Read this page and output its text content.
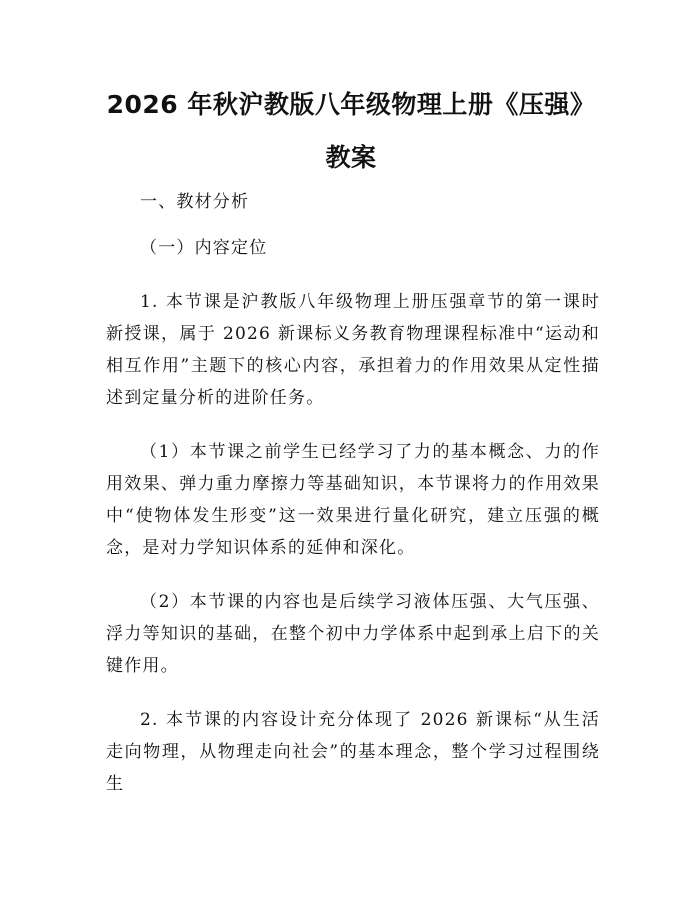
2026 年秋沪教版八年级物理上册《压强》教案

一、教材分析

（一）内容定位

1. 本节课是沪教版八年级物理上册压强章节的第一课时新授课，属于 2026 新课标义务教育物理课程标准中“运动和相互作用”主题下的核心内容，承担着力的作用效果从定性描述到定量分析的进阶任务。

（1）本节课之前学生已经学习了力的基本概念、力的作用效果、弹力重力摩擦力等基础知识，本节课将力的作用效果中“使物体发生形变”这一效果进行量化研究，建立压强的概念，是对力学知识体系的延伸和深化。

（2）本节课的内容也是后续学习液体压强、大气压强、浮力等知识的基础，在整个初中力学体系中起到承上启下的关键作用。

2. 本节课的内容设计充分体现了 2026 新课标“从生活走向物理，从物理走向社会”的基本理念，整个学习过程围绕生
